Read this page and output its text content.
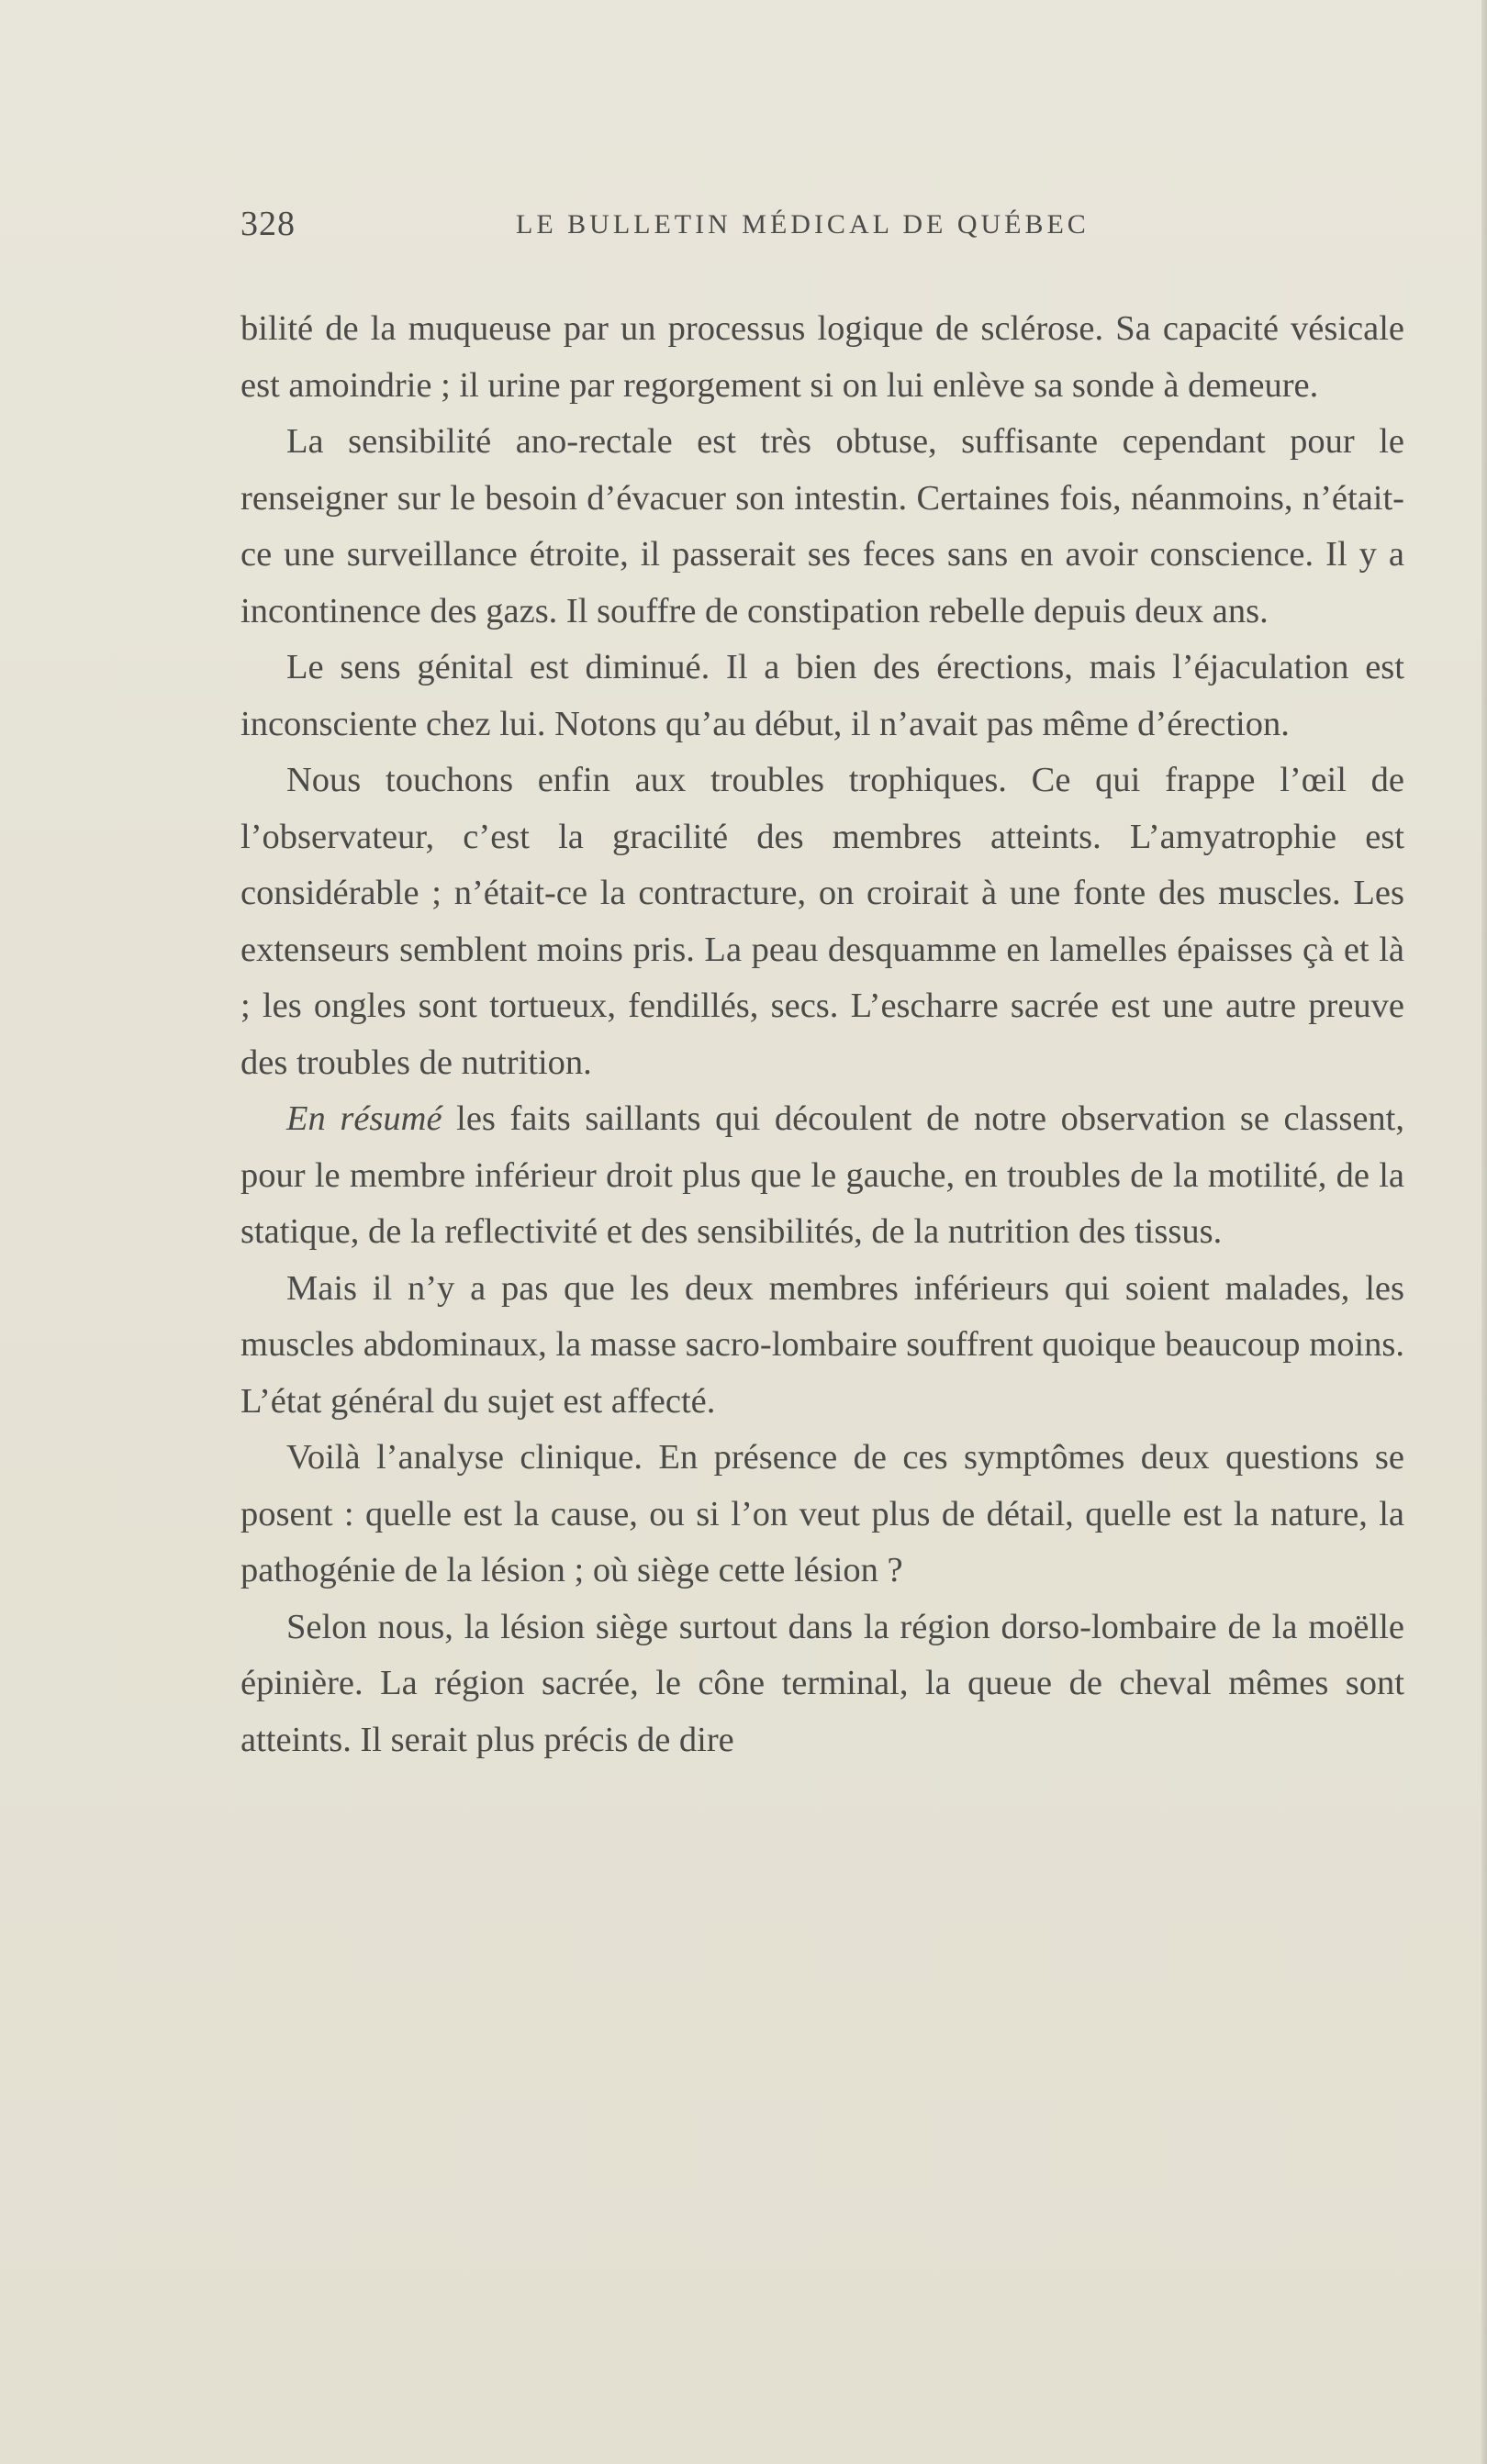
328	LE BULLETIN MÉDICAL DE QUÉBEC

bilité de la muqueuse par un processus logique de sclérose. Sa capacité vésicale est amoindrie ; il urine par regorgement si on lui enlève sa sonde à demeure.

La sensibilité ano-rectale est très obtuse, suffisante cependant pour le renseigner sur le besoin d’évacuer son intestin. Certaines fois, néanmoins, n’était-ce une surveillance étroite, il passerait ses feces sans en avoir conscience. Il y a incontinence des gazs. Il souffre de constipation rebelle depuis deux ans.

Le sens génital est diminué. Il a bien des érections, mais l’éjaculation est inconsciente chez lui. Notons qu’au début, il n’avait pas même d’érection.

Nous touchons enfin aux troubles trophiques. Ce qui frappe l’œil de l’observateur, c’est la gracilité des membres atteints. L’amyatrophie est considérable ; n’était-ce la contracture, on croirait à une fonte des muscles. Les extenseurs semblent moins pris. La peau desquamme en lamelles épaisses çà et là ; les ongles sont tortueux, fendillés, secs. L’escharre sacrée est une autre preuve des troubles de nutrition.

En résumé les faits saillants qui découlent de notre observation se classent, pour le membre inférieur droit plus que le gauche, en troubles de la motilité, de la statique, de la reflectivité et des sensibilités, de la nutrition des tissus.

Mais il n’y a pas que les deux membres inférieurs qui soient malades, les muscles abdominaux, la masse sacro-lombaire souffrent quoique beaucoup moins. L’état général du sujet est affecté.

Voilà l’analyse clinique. En présence de ces symptômes deux questions se posent : quelle est la cause, ou si l’on veut plus de détail, quelle est la nature, la pathogénie de la lésion ; où siège cette lésion ?

Selon nous, la lésion siège surtout dans la région dorso-lombaire de la moëlle épinière. La région sacrée, le cône terminal, la queue de cheval mêmes sont atteints. Il serait plus précis de dire
